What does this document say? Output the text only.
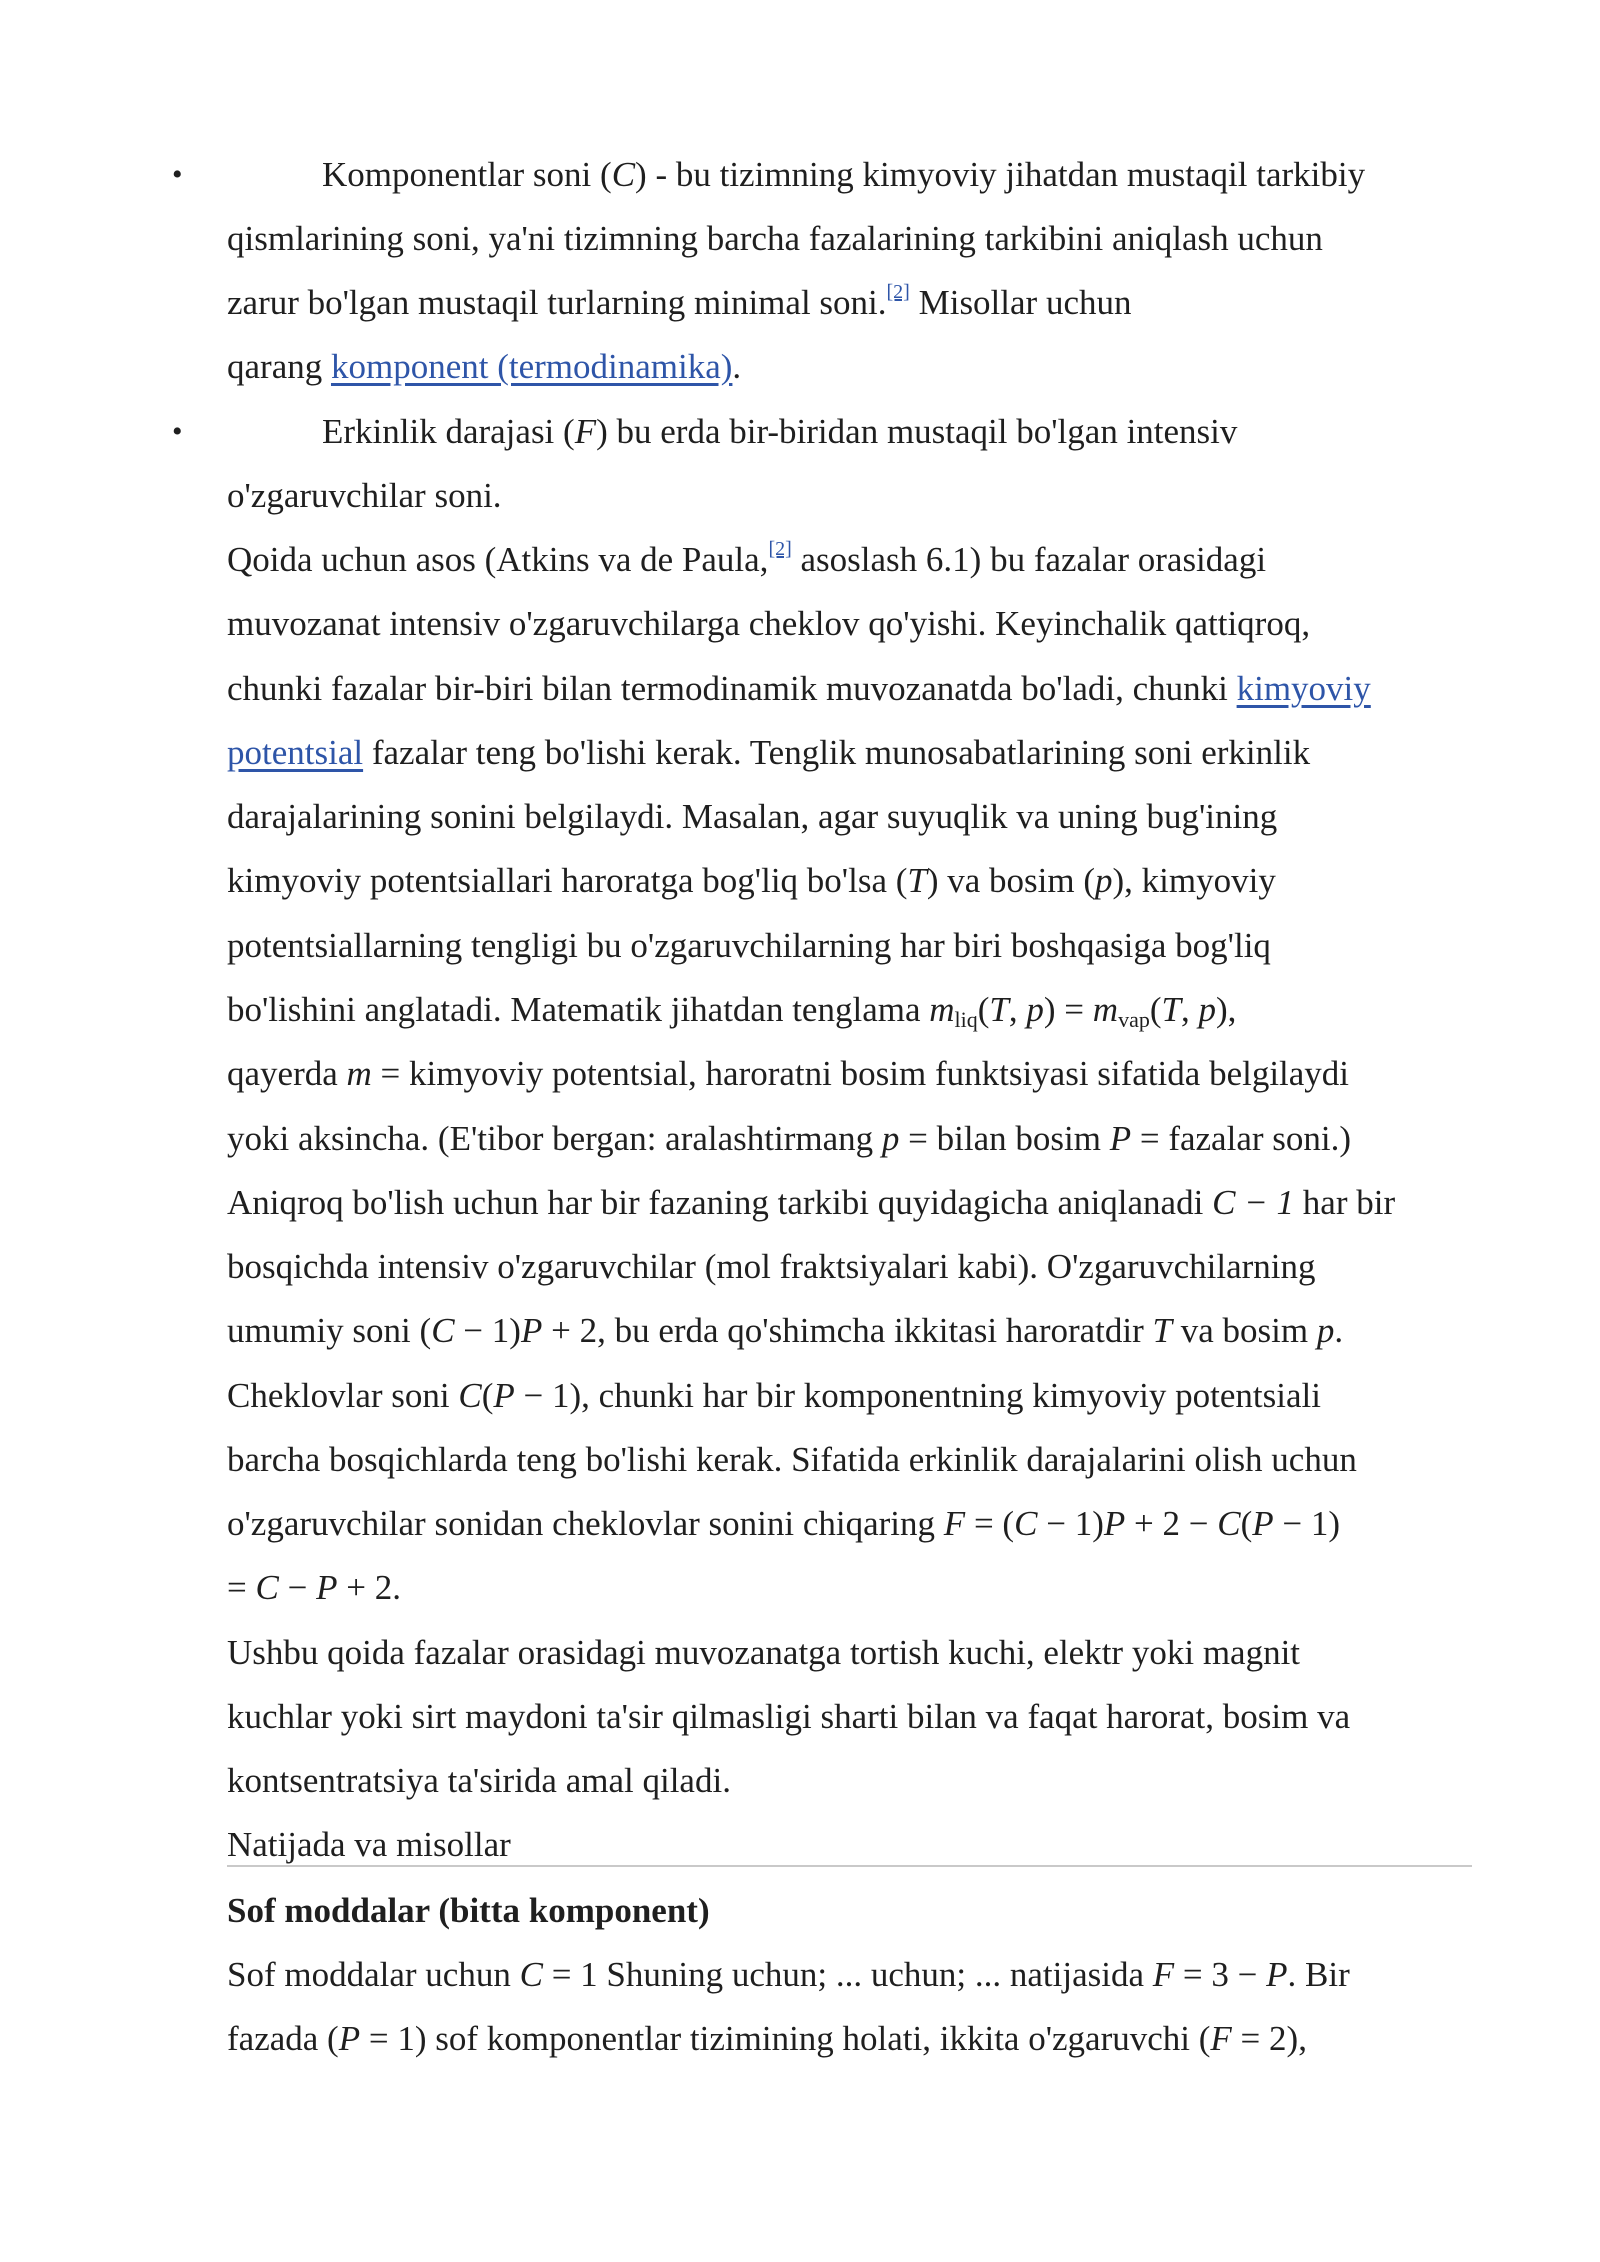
•	Komponentlar soni (C) - bu tizimning kimyoviy jihatdan mustaqil tarkibiy
qismlarining soni, ya'ni tizimning barcha fazalarining tarkibini aniqlash uchun
zarur bo'lgan mustaqil turlarning minimal soni.[2] Misollar uchun
qarang komponent (termodinamika).
•	Erkinlik darajasi (F) bu erda bir-biridan mustaqil bo'lgan intensiv
o'zgaruvchilar soni.
Qoida uchun asos (Atkins va de Paula,[2] asoslash 6.1) bu fazalar orasidagi
muvozanat intensiv o'zgaruvchilarga cheklov qo'yishi. Keyinchalik qattiqroq,
chunki fazalar bir-biri bilan termodinamik muvozanatda bo'ladi, chunki kimyoviy
potentsial fazalar teng bo'lishi kerak. Tenglik munosabatlarining soni erkinlik
darajalarining sonini belgilaydi. Masalan, agar suyuqlik va uning bug'ining
kimyoviy potentsiallari haroratga bog'liq bo'lsa (T) va bosim (p), kimyoviy
potentsiallarning tengligi bu o'zgaruvchilarning har biri boshqasiga bog'liq
bo'lishini anglatadi. Matematik jihatdan tenglama $m_{liq}(T$, $p) = m_{vap}(T$, p),
qayerda m = kimyoviy potentsial, haroratni bosim funktsiyasi sifatida belgilaydi
yoki aksincha. (E'tibor bergan: aralashtirmang p = bilan bosim P = fazalar soni.)
Aniqroq bo'lish uchun har bir fazaning tarkibi quyidagicha aniqlanadi C − 1 har bir
bosqichda intensiv o'zgaruvchilar (mol fraktsiyalari kabi). O'zgaruvchilarning
umumiy soni (C − 1)P + 2, bu erda qo'shimcha ikkitasi haroratdir T va bosim p.
Cheklovlar soni C(P − 1), chunki har bir komponentning kimyoviy potentsiali
barcha bosqichlarda teng bo'lishi kerak. Sifatida erkinlik darajalarini olish uchun
o'zgaruvchilar sonidan cheklovlar sonini chiqaring F = (C − 1)P + 2 − C(P − 1)
= C − P + 2.
Ushbu qoida fazalar orasidagi muvozanatga tortish kuchi, elektr yoki magnit
kuchlar yoki sirt maydoni ta'sir qilmasligi sharti bilan va faqat harorat, bosim va
kontsentratsiya ta'sirida amal qiladi.
Natijada va misollar
Sof moddalar (bitta komponent)
Sof moddalar uchun C = 1 Shuning uchun; ... uchun; ... natijasida F = 3 − P. Bir
fazada (P = 1) sof komponentlar tizimining holati, ikkita o'zgaruvchi (F = 2),
